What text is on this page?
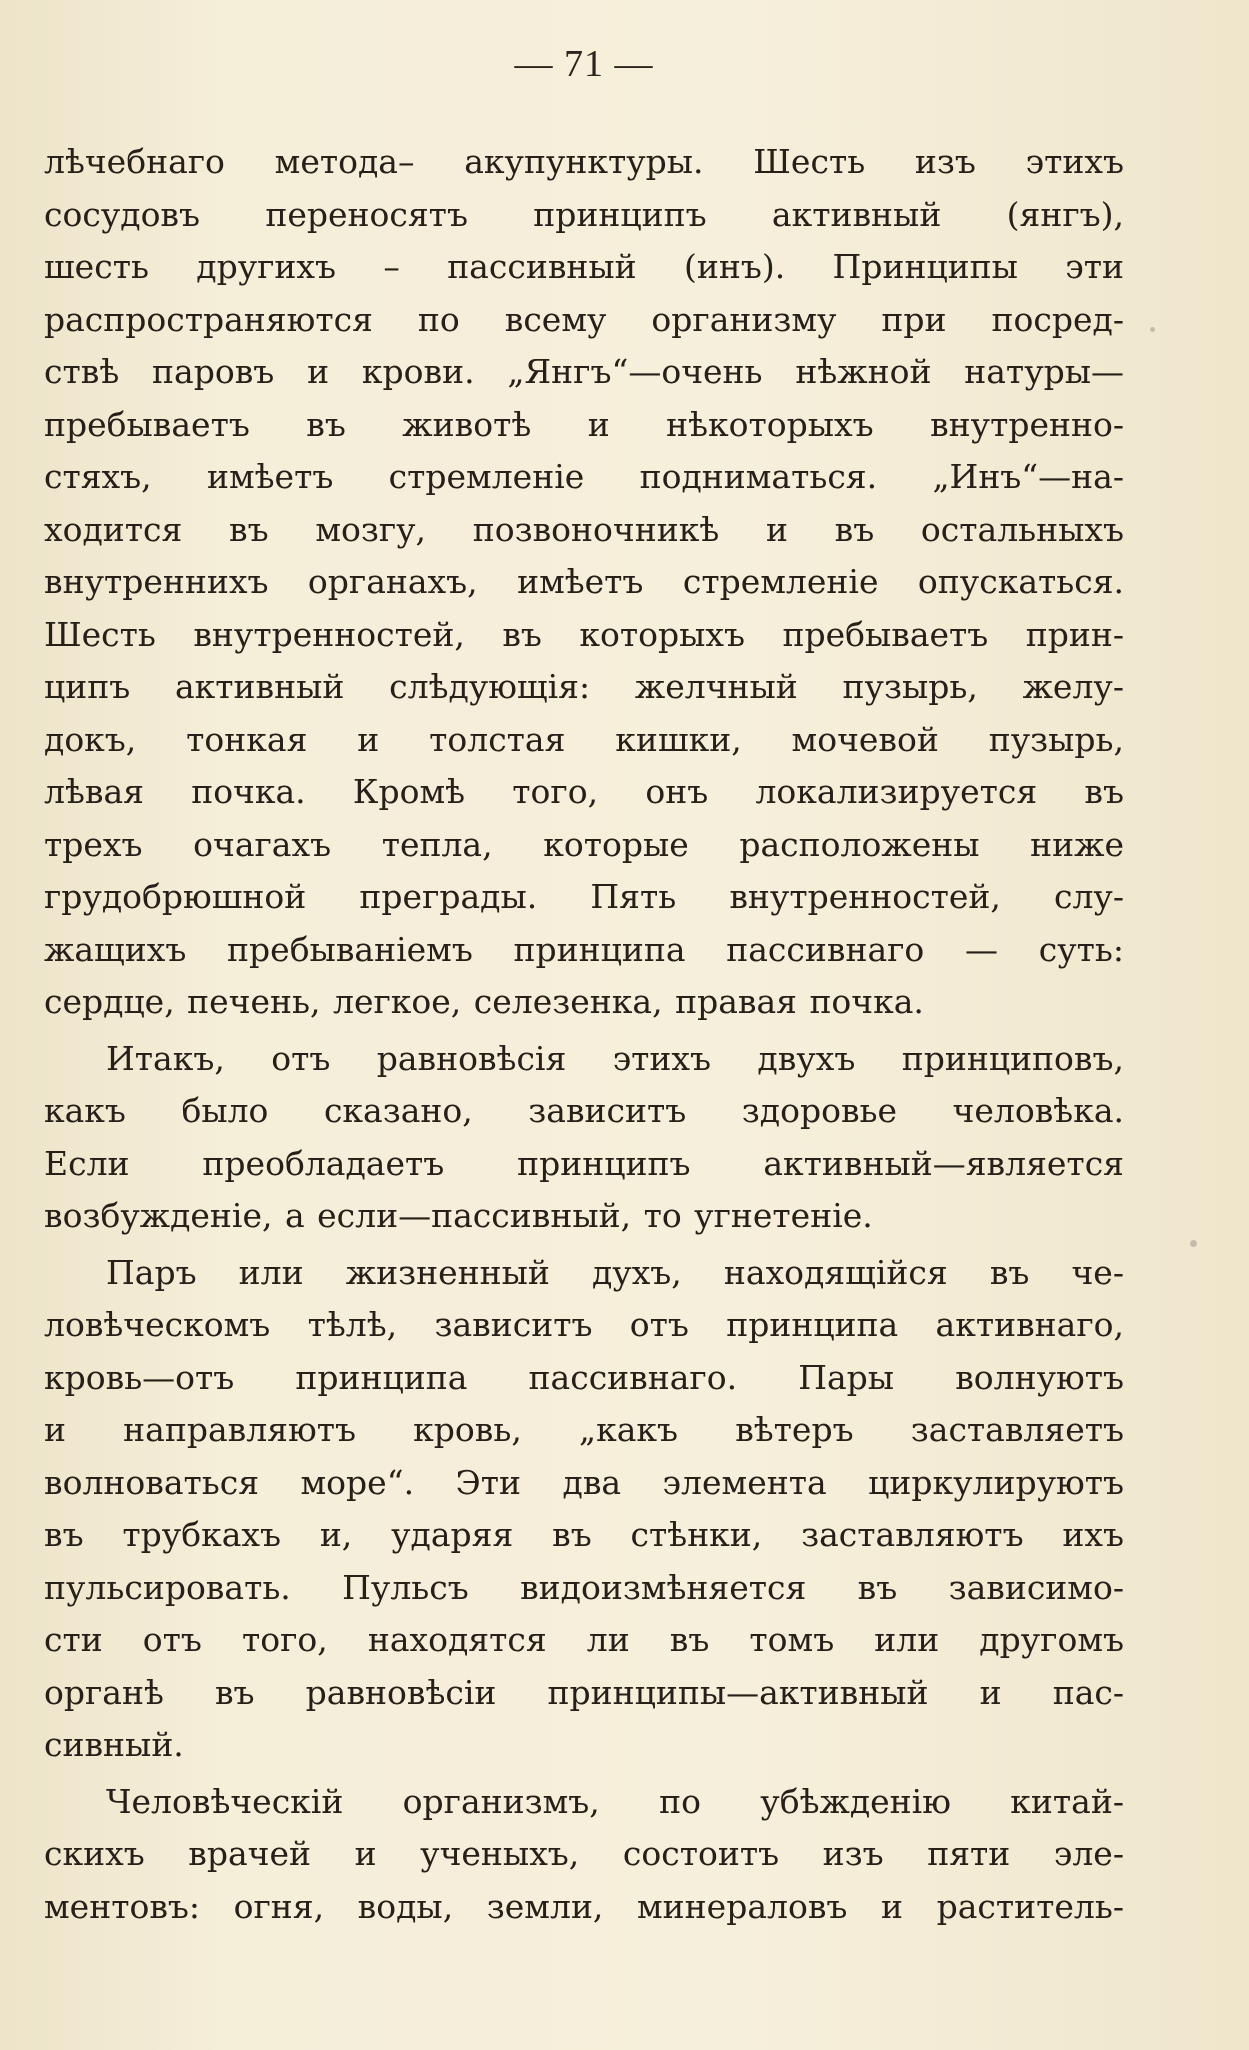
— 71 —
лѣчебнаго метода– акупунктуры. Шесть изъ этихъ
сосудовъ переносятъ принципъ активный (янгъ),
шесть другихъ – пассивный (инъ). Принципы эти
распространяются по всему организму при посред-
ствѣ паровъ и крови. „Янгъ“—очень нѣжной натуры—
пребываетъ въ животѣ и нѣкоторыхъ внутренно-
стяхъ, имѣетъ стремленіе подниматься. „Инъ“—на-
ходится въ мозгу, позвоночникѣ и въ остальныхъ
внутреннихъ органахъ, имѣетъ стремленіе опускаться.
Шесть внутренностей, въ которыхъ пребываетъ прин-
ципъ активный слѣдующія: желчный пузырь, желу-
докъ, тонкая и толстая кишки, мочевой пузырь,
лѣвая почка. Кромѣ того, онъ локализируется въ
трехъ очагахъ тепла, которые расположены ниже
грудобрюшной преграды. Пять внутренностей, слу-
жащихъ пребываніемъ принципа пассивнаго — суть:
сердце, печень, легкое, селезенка, правая почка.
Итакъ, отъ равновѣсія этихъ двухъ принциповъ,
какъ было сказано, зависитъ здоровье человѣка.
Если преобладаетъ принципъ активный—является
возбужденіе, а если—пассивный, то угнетеніе.
Паръ или жизненный духъ, находящійся въ че-
ловѣческомъ тѣлѣ, зависитъ отъ принципа активнаго,
кровь—отъ принципа пассивнаго. Пары волнуютъ
и направляютъ кровь, „какъ вѣтеръ заставляетъ
волноваться море“. Эти два элемента циркулируютъ
въ трубкахъ и, ударяя въ стѣнки, заставляютъ ихъ
пульсировать. Пульсъ видоизмѣняется въ зависимо-
сти отъ того, находятся ли въ томъ или другомъ
органѣ въ равновѣсіи принципы—активный и пас-
сивный.
Человѣческій организмъ, по убѣжденію китай-
скихъ врачей и ученыхъ, состоитъ изъ пяти эле-
ментовъ: огня, воды, земли, минераловъ и раститель-
